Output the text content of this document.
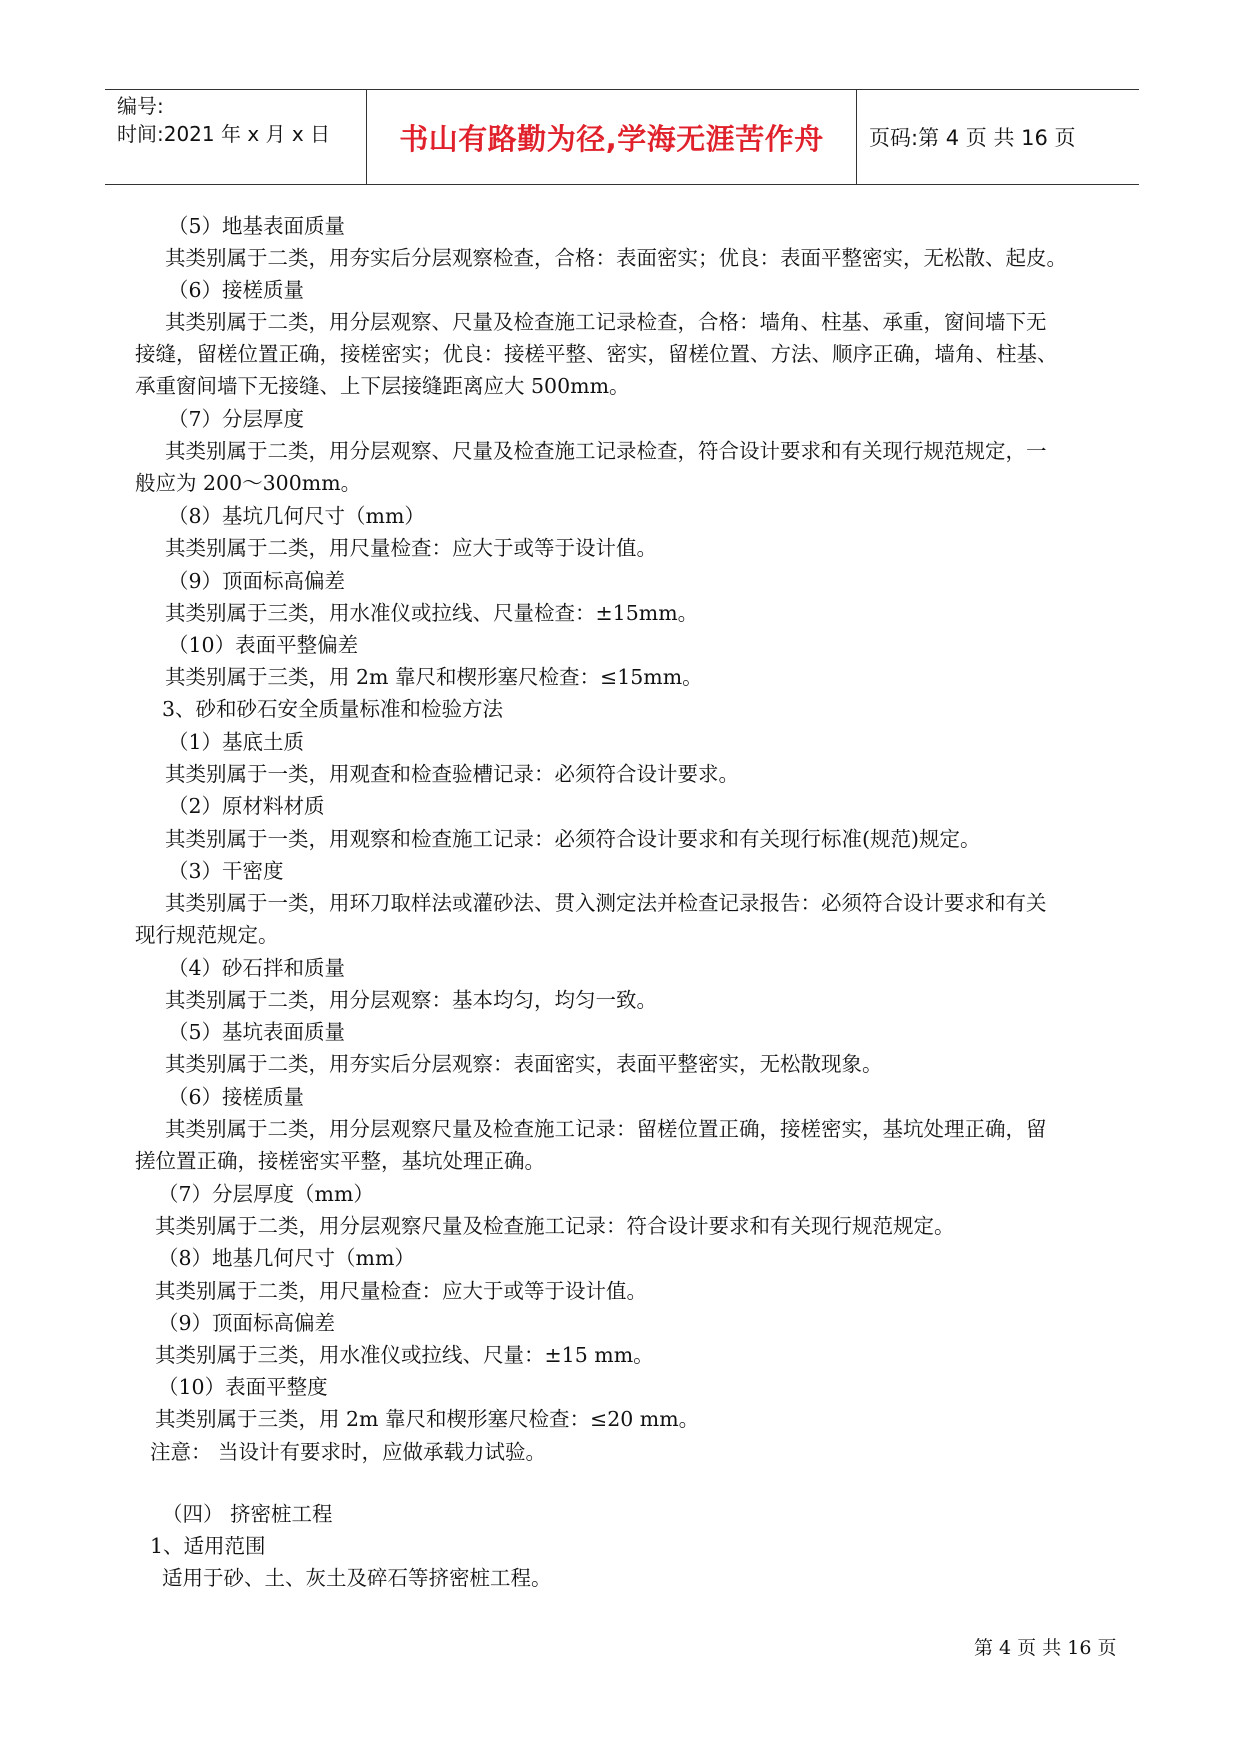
编号:
时间:2021 年 x 月 x 日	书山有路勤为径,学海无涯苦作舟 页码:第 4 页 共 16 页
（5）地基表面质量
其类别属于二类，用夯实后分层观察检查，合格：表面密实；优良：表面平整密实，无松散、起皮。
（6）接槎质量
其类别属于二类，用分层观察、尺量及检查施工记录检查，合格：墙角、柱基、承重，窗间墙下无
接缝，留槎位置正确，接槎密实；优良：接槎平整、密实，留槎位置、方法、顺序正确，墙角、柱基、
承重窗间墙下无接缝、上下层接缝距离应大 500mm。
（7）分层厚度
其类别属于二类，用分层观察、尺量及检查施工记录检查，符合设计要求和有关现行规范规定，一
般应为 200～300mm。
（8）基坑几何尺寸（mm）
其类别属于二类，用尺量检查：应大于或等于设计值。
（9）顶面标高偏差
其类别属于三类，用水准仪或拉线、尺量检查：±15mm。
（10）表面平整偏差
其类别属于三类，用 2m 靠尺和楔形塞尺检查：≤15mm。
3、砂和砂石安全质量标准和检验方法
（1）基底土质
其类别属于一类，用观查和检查验槽记录：必须符合设计要求。
（2）原材料材质
其类别属于一类，用观察和检查施工记录：必须符合设计要求和有关现行标准(规范)规定。
（3）干密度
其类别属于一类，用环刀取样法或灌砂法、贯入测定法并检查记录报告：必须符合设计要求和有关
现行规范规定。
（4）砂石拌和质量
其类别属于二类，用分层观察：基本均匀，均匀一致。
（5）基坑表面质量
其类别属于二类，用夯实后分层观察：表面密实，表面平整密实，无松散现象。
（6）接槎质量
其类别属于二类，用分层观察尺量及检查施工记录：留槎位置正确，接槎密实，基坑处理正确，留
搓位置正确，接槎密实平整，基坑处理正确。
（7）分层厚度（mm）
其类别属于二类，用分层观察尺量及检查施工记录：符合设计要求和有关现行规范规定。
（8）地基几何尺寸（mm）
其类别属于二类，用尺量检查：应大于或等于设计值。
（9）顶面标高偏差
其类别属于三类，用水准仪或拉线、尺量：±15 mm。
（10）表面平整度
其类别属于三类，用 2m 靠尺和楔形塞尺检查：≤20 mm。
注意： 当设计有要求时，应做承载力试验。
（四） 挤密桩工程
1、适用范围
适用于砂、土、灰土及碎石等挤密桩工程。
第 4 页 共 16 页
